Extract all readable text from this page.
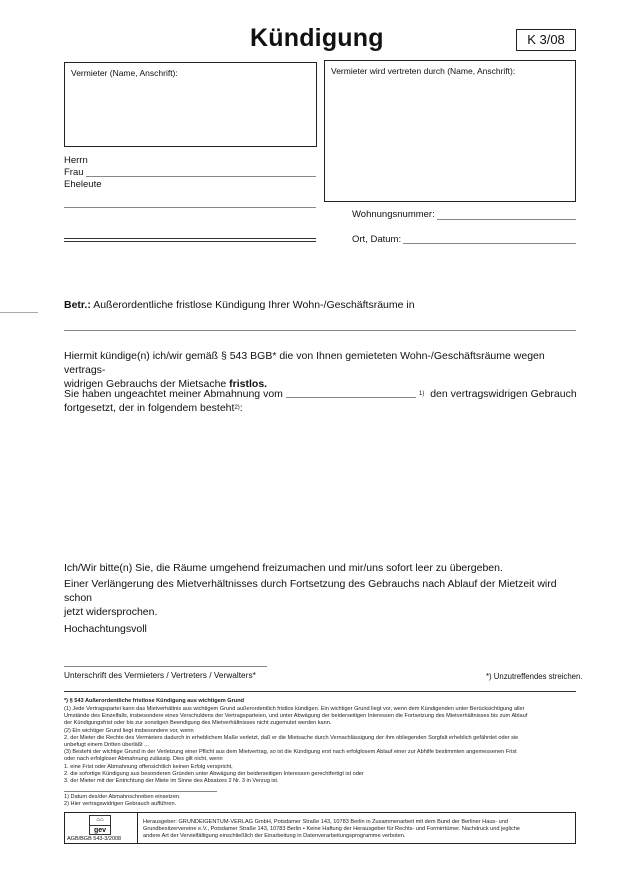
Kündigung	K 3/08
Vermieter (Name, Anschrift):	Vermieter wird vertreten durch (Name, Anschrift):
Herrn
Frau
Eheleute
Wohnungsnummer:
Ort, Datum:
Betr.: Außerordentliche fristlose Kündigung Ihrer Wohn-/Geschäftsräume in
Hiermit kündige(n) ich/wir gemäß § 543 BGB* die von Ihnen gemieteten Wohn-/Geschäftsräume wegen vertrags-
widrigen Gebrauchs der Mietsache fristlos.
Sie haben ungeachtet meiner Abmahnung vom	$^{1)}$ den vertragswidrigen Gebrauch
fortgesetzt, der in folgendem besteht$^{2)}$:
Ich/Wir bitte(n) Sie, die Räume umgehend freizumachen und mir/uns sofort leer zu übergeben.
Einer Verlängerung des Mietverhältnisses durch Fortsetzung des Gebrauchs nach Ablauf der Mietzeit wird schon
jetzt widersprochen.
Hochachtungsvoll
Unterschrift des Vermieters / Vertreters / Verwalters*	*) Unzutreffendes streichen.
*) § 543 Außerordentliche fristlose Kündigung aus wichtigem Grund
(1) Jede Vertragspartei kann das Mietverhältnis aus wichtigem Grund außerordentlich fristlos kündigen. Ein wichtiger Grund liegt vor, wenn dem Kündigenden unter Berücksichtigung aller
Umstände des Einzelfalls, insbesondere eines Verschuldens der Vertragsparteien, und unter Abwägung der beiderseitigen Interessen die Fortsetzung des Mietverhältnisses bis zum Ablauf
der Kündigungsfrist oder bis zur sonstigen Beendigung des Mietverhältnisses nicht zugemutet werden kann.
(2) Ein wichtiger Grund liegt insbesondere vor, wenn
2. der Mieter die Rechte des Vermieters dadurch in erheblichem Maße verletzt, daß er die Mietsache durch Vernachlässigung der ihm obliegenden Sorgfalt erheblich gefährdet oder sie
unbefugt einem Dritten überläßt ...
(3) Besteht der wichtige Grund in der Verletzung einer Pflicht aus dem Mietvertrag, so ist die Kündigung erst nach erfolglosem Ablauf einer zur Abhilfe bestimmten angemessenen Frist
oder nach erfolgloser Abmahnung zulässig. Dies gilt nicht, wenn
1. eine Frist oder Abmahnung offensichtlich keinen Erfolg verspricht,
2. die sofortige Kündigung aus besonderen Gründen unter Abwägung der beiderseitigen Interessen gerechtfertigt ist oder
3. der Mieter mit der Entrichtung der Miete im Sinne des Absatzes 2 Nr. 3 in Verzug ist.
1) Datum des/der Abmahnschreiben einsetzen.
2) Hier vertragswidrigen Gebrauch aufführen.
⌂⌂
gev
AGB/BGB 543-3/2008
Herausgeber: GRUNDEIGENTUM-VERLAG GmbH, Potsdamer Straße 143, 10783 Berlin in Zusammenarbeit mit dem Bund der Berliner Haus- und
Grundbesitzervereine e.V., Potsdamer Straße 143, 10783 Berlin • Keine Haftung der Herausgeber für Rechts- und Formirrtümer. Nachdruck und jegliche
andere Art der Vervielfältigung einschließlich der Einarbeitung in Datenverarbeitungsprogramme verboten.
